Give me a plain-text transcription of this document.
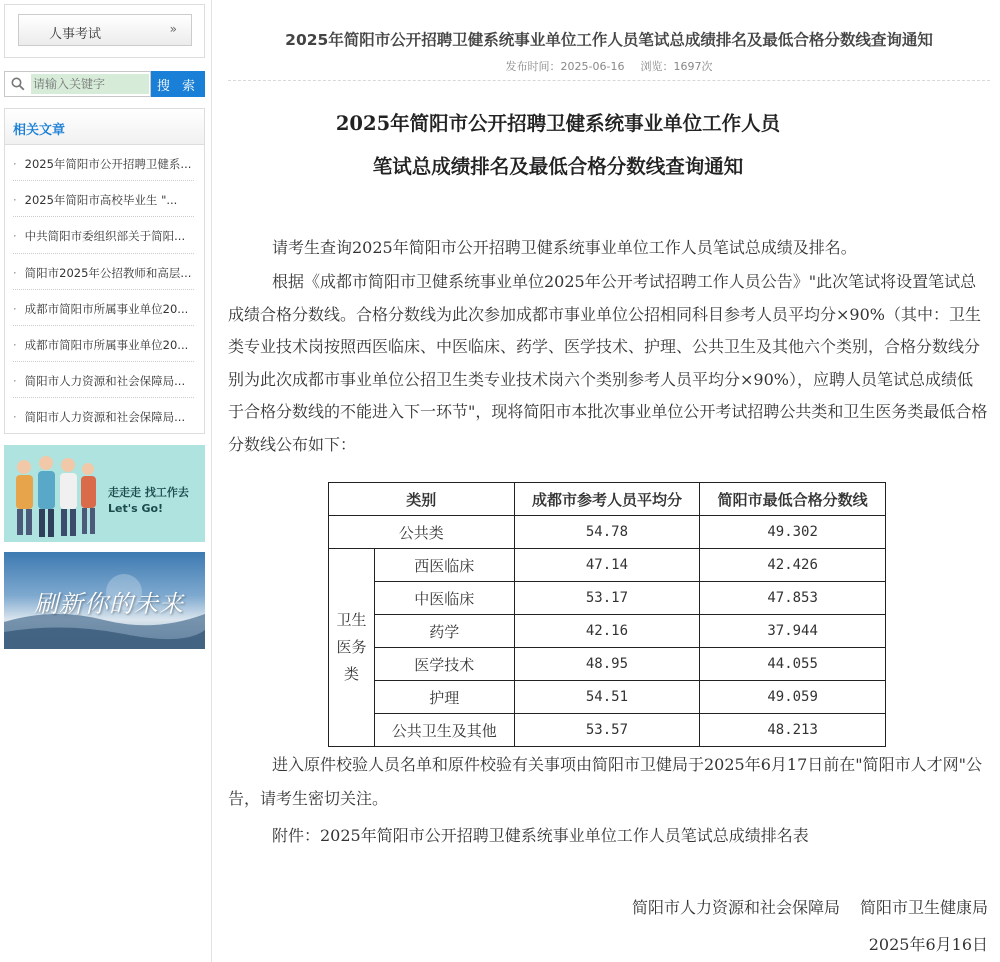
人事考试	»
请输入关键字
搜 索
相关文章
· 2025年简阳市公开招聘卫健系...
· 2025年简阳市高校毕业生 "...
· 中共简阳市委组织部关于简阳...
· 简阳市2025年公招教师和高层...
· 成都市简阳市所属事业单位20...
· 成都市简阳市所属事业单位20...
· 简阳市人力资源和社会保障局...
· 简阳市人力资源和社会保障局...
走走走 找工作去
Let's Go!
刷新你的未来
2025年简阳市公开招聘卫健系统事业单位工作人员笔试总成绩排名及最低合格分数线查询通知
发布时间：2025-06-16 浏览：1697次
2025年简阳市公开招聘卫健系统事业单位工作人员
笔试总成绩排名及最低合格分数线查询通知

请考生查询2025年简阳市公开招聘卫健系统事业单位工作人员笔试总成绩及排名。

根据《成都市简阳市卫健系统事业单位2025年公开考试招聘工作人员公告》"此次笔试将设置笔试总成绩合格分数线。合格分数线为此次参加成都市事业单位公招相同科目参考人员平均分×90%（其中：卫生类专业技术岗按照西医临床、中医临床、药学、医学技术、护理、公共卫生及其他六个类别，合格分数线分别为此次成都市事业单位公招卫生类专业技术岗六个类别参考人员平均分×90%），应聘人员笔试总成绩低于合格分数线的不能进入下一环节"，现将简阳市本批次事业单位公开考试招聘公共类和卫生医务类最低合格分数线公布如下：

类别		成都市参考人员平均分	简阳市最低合格分数线
公共类		54.78	49.302

卫生
医务
类	西医临床	47.14	42.426
	中医临床	53.17	47.853
	药学	42.16	37.944
	医学技术	48.95	44.055
	护理	54.51	49.059
	公共卫生及其他	53.57	48.213

进入原件校验人员名单和原件校验有关事项由简阳市卫健局于2025年6月17日前在"简阳市人才网"公告，请考生密切关注。

附件：2025年简阳市公开招聘卫健系统事业单位工作人员笔试总成绩排名表

简阳市人力资源和社会保障局 简阳市卫生健康局
2025年6月16日
